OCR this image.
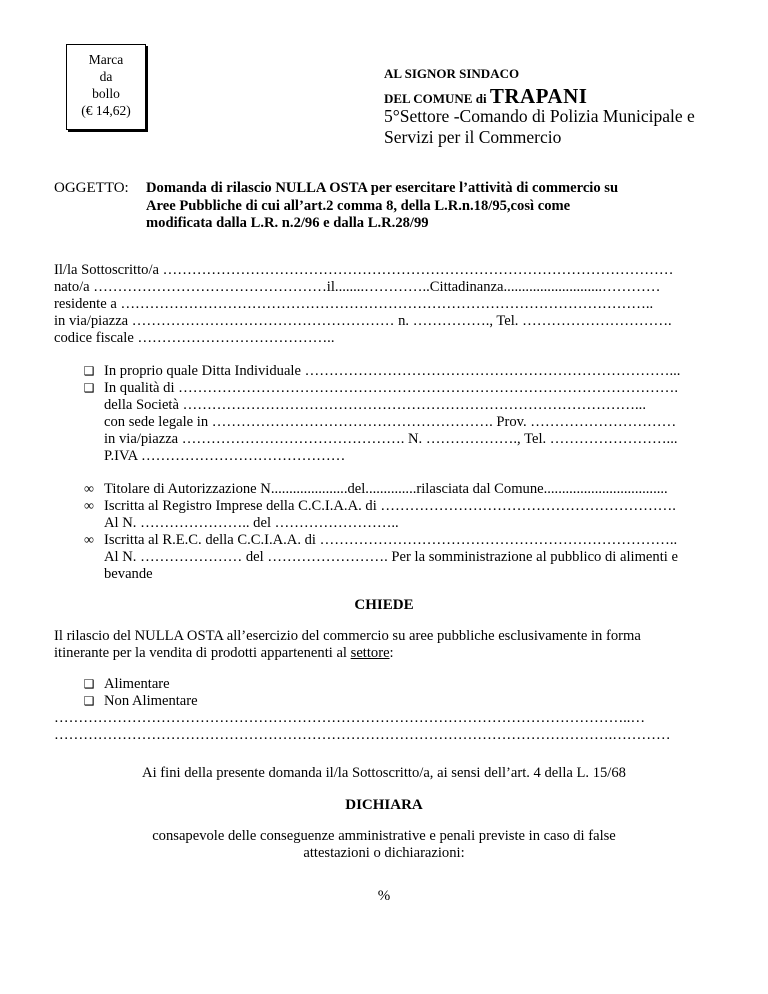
Marca
da
bollo
(€ 14,62)
AL SIGNOR SINDACO
DEL COMUNE di TRAPANI
5°Settore -Comando di Polizia Municipale e
Servizi per il Commercio
OGGETTO: Domanda di rilascio NULLA OSTA per esercitare l’attività di commercio su
Aree Pubbliche di cui all’art.2 comma 8, della L.R.n.18/95,così come
modificata dalla L.R. n.2/96 e dalla L.R.28/99
Il/la Sottoscritto/a ……………………………………………………………………………………………
nato/a …………………………………………il........…………..Cittadinanza...........................…………
residente a ………………………………………………………………………………………………..
in via/piazza ……………………………………………… n. ……………., Tel. ………………………….
codice fiscale …………………………………..
❑ In proprio quale Ditta Individuale …………………………………………………………………...
❑ In qualità di ………………………………………………………………………………………….
della Società …………………………………………………………………………………...
con sede legale in …………………………………………………. Prov. …………………………
in via/piazza ………………………………………. N. ………………., Tel. ……………………...
P.IVA ……………………………………
∞ Titolare di Autorizzazione N.....................del..............rilasciata dal Comune..................................
∞ Iscritta al Registro Imprese della C.C.I.A.A. di …………………………………………………….
Al N. ………………….. del ……………………..
∞ Iscritta al R.E.C. della C.C.I.A.A. di ………………………………………………………………..
Al N. ………………… del ……………………. Per la somministrazione al pubblico di alimenti e
bevande
CHIEDE
Il rilascio del NULLA OSTA all’esercizio del commercio su aree pubbliche esclusivamente in forma
itinerante per la vendita di prodotti appartenenti al settore:
❑ Alimentare
❑ Non Alimentare
………………………………………………………………………………………………………..…
…………………………………………………………………………………………………….…………
Ai fini della presente domanda il/la Sottoscritto/a, ai sensi dell’art. 4 della L. 15/68
DICHIARA
consapevole delle conseguenze amministrative e penali previste in caso di false
attestazioni o dichiarazioni:
%
